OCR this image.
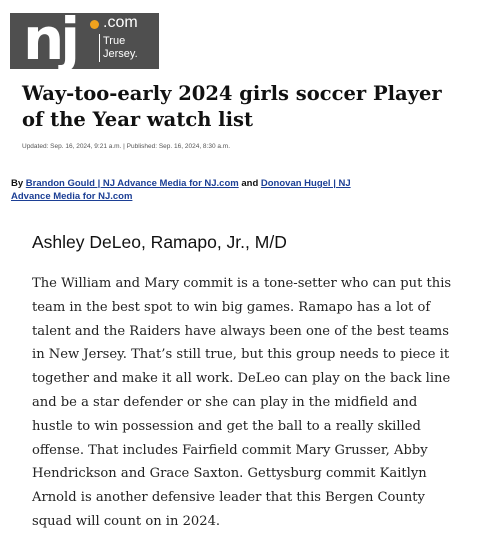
nj .com
True
Jersey.
Way-too-early 2024 girls soccer Player of the Year watch list
Updated: Sep. 16, 2024, 9:21 a.m. | Published: Sep. 16, 2024, 8:30 a.m.
By Brandon Gould | NJ Advance Media for NJ.com and Donovan Hugel | NJ Advance Media for NJ.com
Ashley DeLeo, Ramapo, Jr., M/D

The William and Mary commit is a tone-setter who can put this team in the best spot to win big games. Ramapo has a lot of talent and the Raiders have always been one of the best teams in New Jersey. That’s still true, but this group needs to piece it together and make it all work. DeLeo can play on the back line and be a star defender or she can play in the midfield and hustle to win possession and get the ball to a really skilled offense. That includes Fairfield commit Mary Grusser, Abby Hendrickson and Grace Saxton. Gettysburg commit Kaitlyn Arnold is another defensive leader that this Bergen County squad will count on in 2024.
